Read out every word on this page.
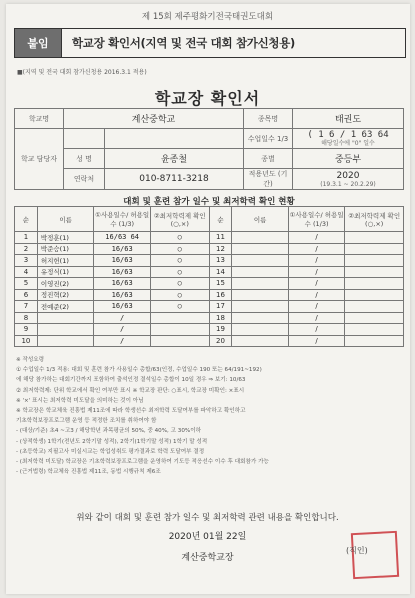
제 15회 제주평화기전국태권도대회
붙임	학교장 확인서(지역 및 전국 대회 참가신청용)
■(지역 및 전국 대회 참가신청용 2016.3.1 적용)
학교장 확인서
학교명	계산중학교		종목명	태권도
학교 담당자			수업일수 1/3	( 1 6 / 1 63 64
해당일수에 "0" 일수

	성 명	윤종철	종별	중등부
	연락처	010-8711-3218	적용년도 (기간)	2020
(19.3.1 ~ 20.2.29)
대회 및 훈련 참가 일수 및 최저학력 확인 현황
순	이름	①사용일수/ 허용일수 (1/3)	②최저학력제 확인(○,×)	순	이름	①사용일수/ 허용일수 (1/3)	②최저학력제 확인(○,×)
1	박정훈(1)	16/63 64	○	11		/	
2	박준승(1)	16/63	○	12		/	
3	허지헌(1)	16/63	○	13		/	
4	유정식(1)	16/63	○	14		/	
5	이영진(2)	16/63	○	15		/	
6	정진혁(2)	16/63	○	16		/	
7	전예준(2)	16/63	○	17		/	
8		/		18		/	
9		/		19		/	
10		/		20		/	
※ 작성요령
① 수업일수 1/3 적용: 대회 및 훈련 참가 사용일수 총합/63(인정, 수업일수 190 또는 64/191~192)
에 해당 참가하는 대회기간까지 포함하여 출석인정 결석일수 총합이 10일 경우 ⇒ 보기: 10/63
② 최저학력제: 단위 학교에서 확인 여부만 표시 ※ 학교장 판단: ○표시, 학교장 미확인: ×표시
※ '×' 표시는 최저학력 미도달을 의미하는 것이 아님
※ 학교장은 학교체육 진흥법 제11조에 따라 학생선수 최저학력 도달여부를 파악하고 확인하고
기초학력보장프로그램 운영 등 적정한 조치를 취하여야 함
- (대상/기준) 초4 ~고3 / 해당학년 과목평균의 50%, 중 40%, 고 30%이하
- (상적학생) 1학기(전년도 2학기말 성적), 2학기(1학기말 성적) 1학기 말 성적
- (초등학교) 지필고사 미실시교는 학업성취도 평가결과로 학력 도달여부 결정
- (최저학력 미도달) 학교장은 기초학력보장프로그램을 운영하여 기도등 적응선수 이수 후 대회참가 가능
- (근거법령) 학교체육 진흥법 제11조, 동법 시행규칙 제6조
위와 같이 대회 및 훈련 참가 일수 및 최저학력 관련 내용을 확인합니다.
2020년 01월 22일
계산중학교장
(직인)
